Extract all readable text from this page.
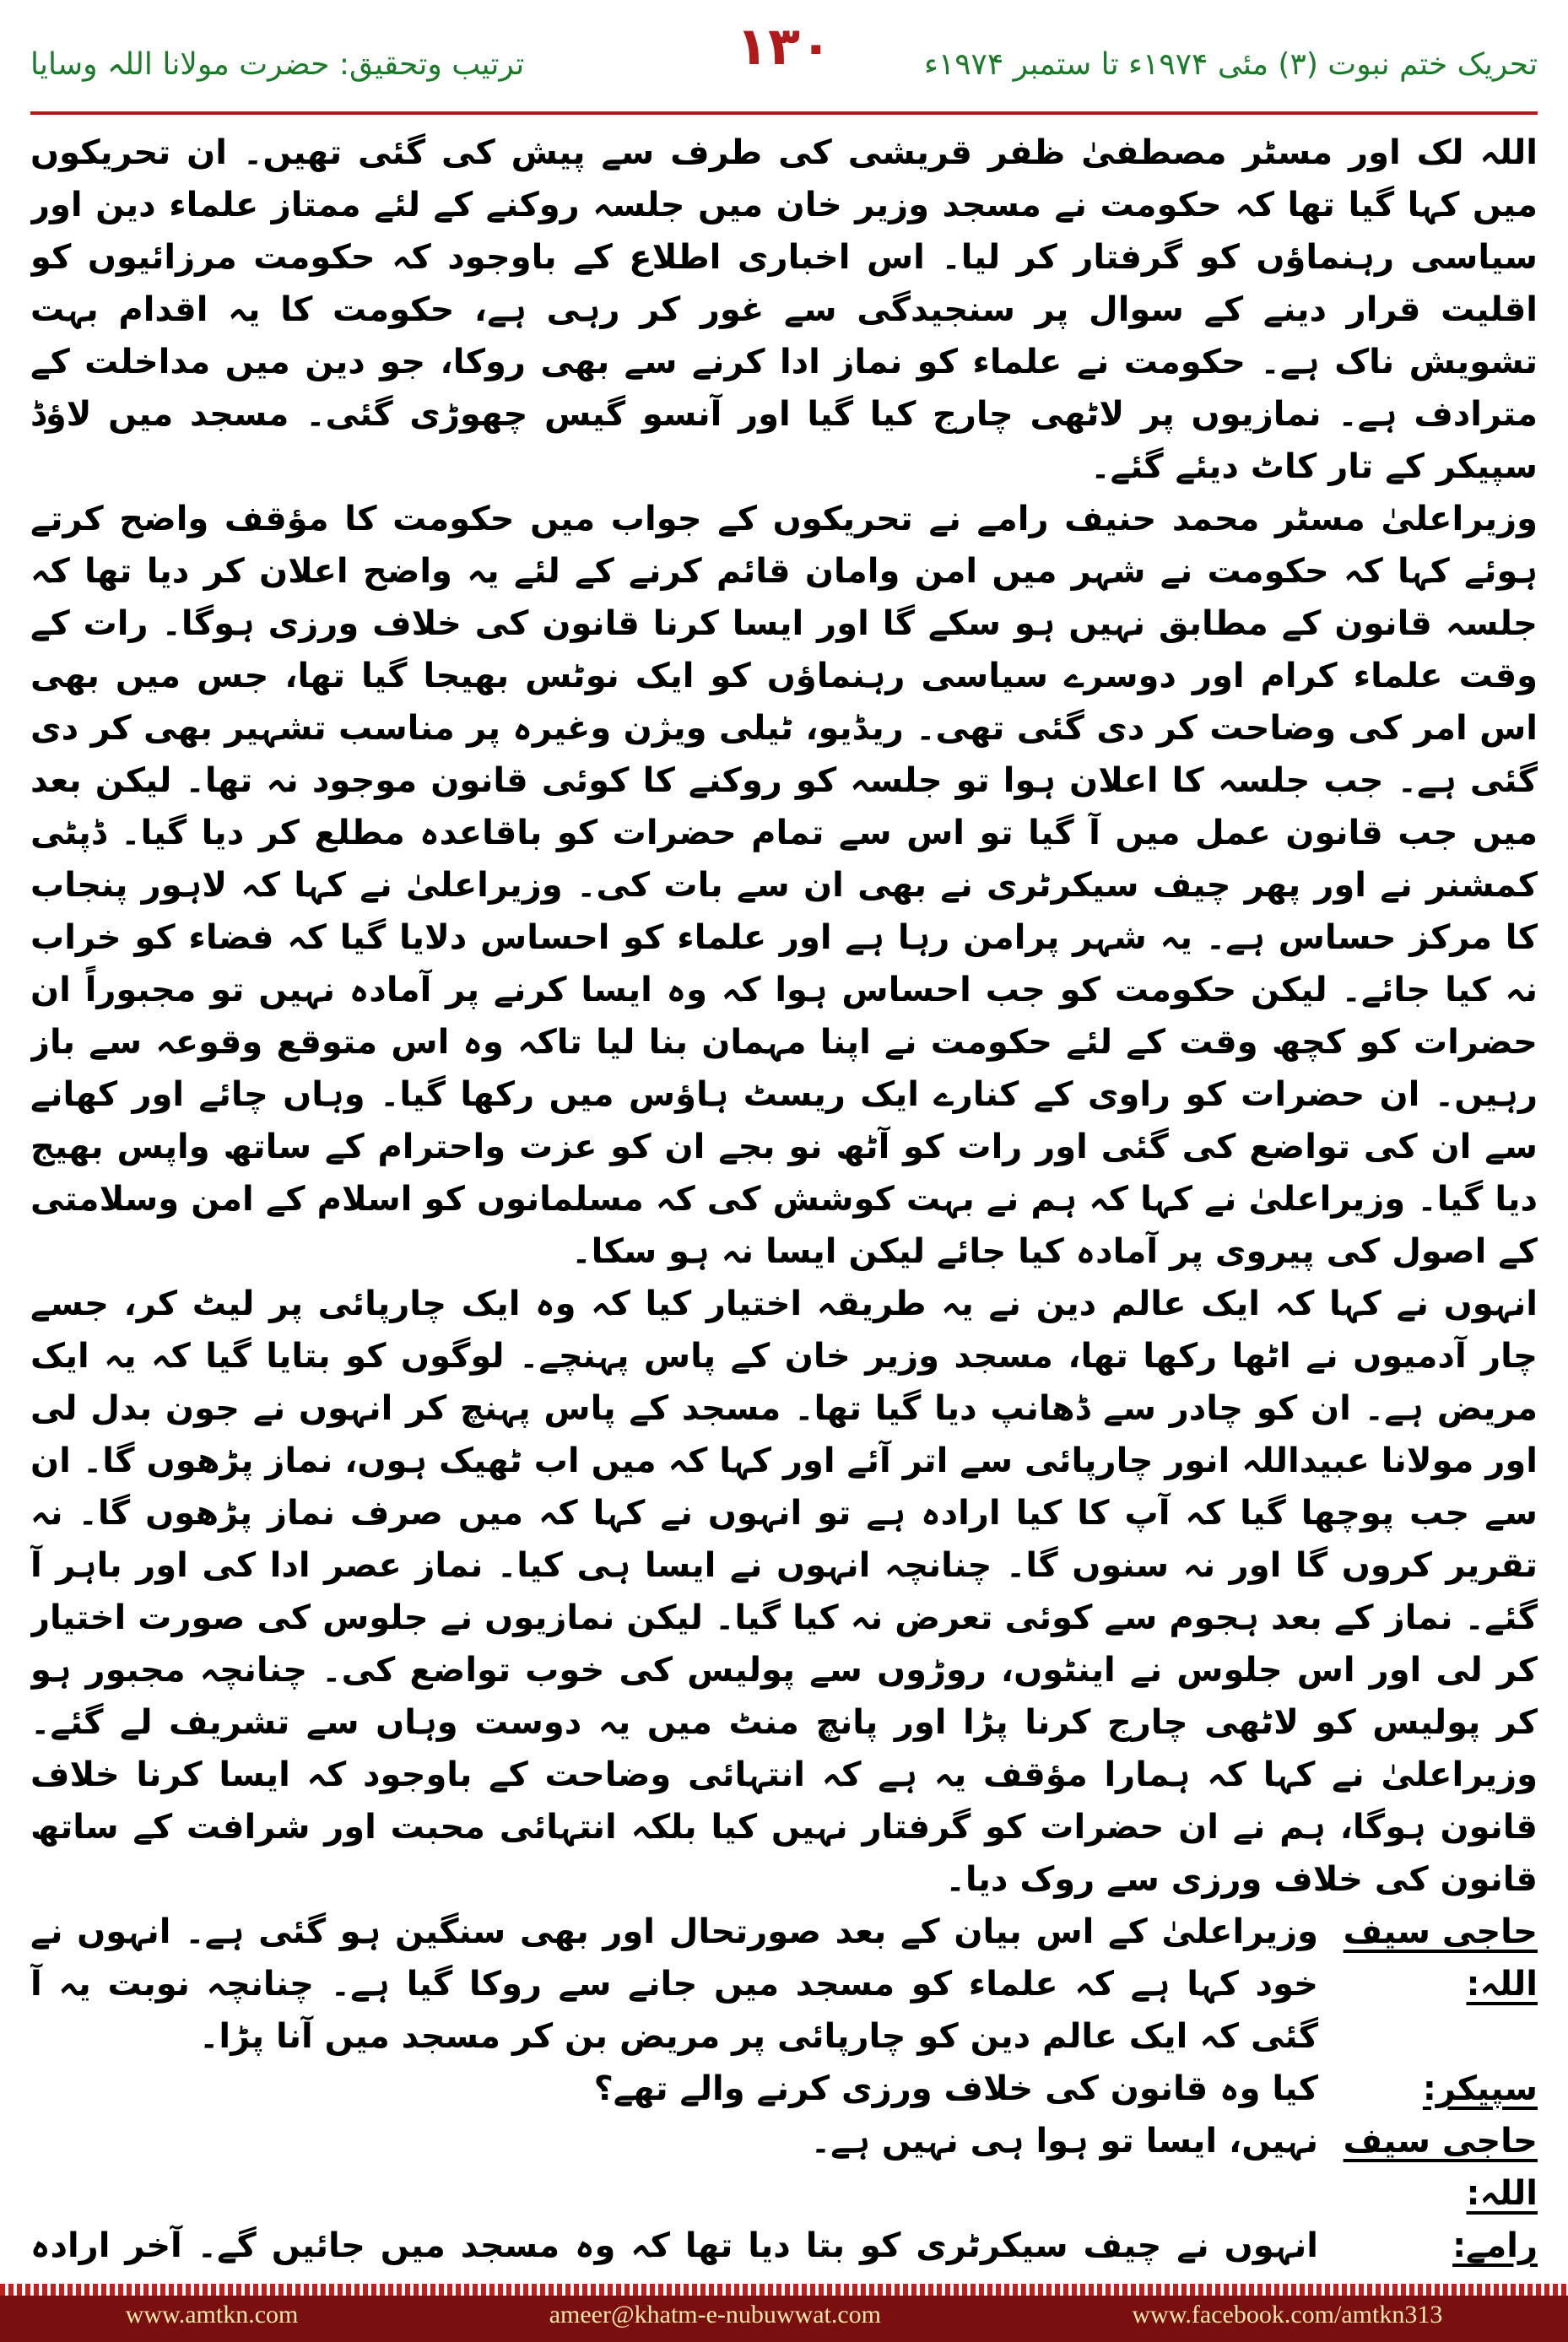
ترتیب وتحقیق: حضرت مولانا اللہ وسایا	۱۳۰	تحریک ختم نبوت (۳) مئی ۱۹۷۴ء تا ستمبر ۱۹۷۴ء

اللہ لک اور مسٹر مصطفیٰ ظفر قریشی کی طرف سے پیش کی گئی تھیں۔ ان تحریکوں میں کہا گیا تھا کہ حکومت نے مسجد وزیر خان میں جلسہ روکنے کے لئے ممتاز علماء دین اور سیاسی رہنماؤں کو گرفتار کر لیا۔ اس اخباری اطلاع کے باوجود کہ حکومت مرزائیوں کو اقلیت قرار دینے کے سوال پر سنجیدگی سے غور کر رہی ہے، حکومت کا یہ اقدام بہت تشویش ناک ہے۔ حکومت نے علماء کو نماز ادا کرنے سے بھی روکا، جو دین میں مداخلت کے مترادف ہے۔ نمازیوں پر لاٹھی چارج کیا گیا اور آنسو گیس چھوڑی گئی۔ مسجد میں لاؤڈ سپیکر کے تار کاٹ دیئے گئے۔

وزیراعلیٰ مسٹر محمد حنیف رامے نے تحریکوں کے جواب میں حکومت کا مؤقف واضح کرتے ہوئے کہا کہ حکومت نے شہر میں امن وامان قائم کرنے کے لئے یہ واضح اعلان کر دیا تھا کہ جلسہ قانون کے مطابق نہیں ہو سکے گا اور ایسا کرنا قانون کی خلاف ورزی ہوگا۔ رات کے وقت علماء کرام اور دوسرے سیاسی رہنماؤں کو ایک نوٹس بھیجا گیا تھا، جس میں بھی اس امر کی وضاحت کر دی گئی تھی۔ ریڈیو، ٹیلی ویژن وغیرہ پر مناسب تشہیر بھی کر دی گئی ہے۔ جب جلسہ کا اعلان ہوا تو جلسہ کو روکنے کا کوئی قانون موجود نہ تھا۔ لیکن بعد میں جب قانون عمل میں آ گیا تو اس سے تمام حضرات کو باقاعدہ مطلع کر دیا گیا۔ ڈپٹی کمشنر نے اور پھر چیف سیکرٹری نے بھی ان سے بات کی۔ وزیراعلیٰ نے کہا کہ لاہور پنجاب کا مرکز حساس ہے۔ یہ شہر پرامن رہا ہے اور علماء کو احساس دلایا گیا کہ فضاء کو خراب نہ کیا جائے۔ لیکن حکومت کو جب احساس ہوا کہ وہ ایسا کرنے پر آمادہ نہیں تو مجبوراً ان حضرات کو کچھ وقت کے لئے حکومت نے اپنا مہمان بنا لیا تاکہ وہ اس متوقع وقوعہ سے باز رہیں۔ ان حضرات کو راوی کے کنارے ایک ریسٹ ہاؤس میں رکھا گیا۔ وہاں چائے اور کھانے سے ان کی تواضع کی گئی اور رات کو آٹھ نو بجے ان کو عزت واحترام کے ساتھ واپس بھیج دیا گیا۔ وزیراعلیٰ نے کہا کہ ہم نے بہت کوشش کی کہ مسلمانوں کو اسلام کے امن وسلامتی کے اصول کی پیروی پر آمادہ کیا جائے لیکن ایسا نہ ہو سکا۔

انہوں نے کہا کہ ایک عالم دین نے یہ طریقہ اختیار کیا کہ وہ ایک چارپائی پر لیٹ کر، جسے چار آدمیوں نے اٹھا رکھا تھا، مسجد وزیر خان کے پاس پہنچے۔ لوگوں کو بتایا گیا کہ یہ ایک مریض ہے۔ ان کو چادر سے ڈھانپ دیا گیا تھا۔ مسجد کے پاس پہنچ کر انہوں نے جون بدل لی اور مولانا عبیداللہ انور چارپائی سے اتر آئے اور کہا کہ میں اب ٹھیک ہوں، نماز پڑھوں گا۔ ان سے جب پوچھا گیا کہ آپ کا کیا ارادہ ہے تو انہوں نے کہا کہ میں صرف نماز پڑھوں گا۔ نہ تقریر کروں گا اور نہ سنوں گا۔ چنانچہ انہوں نے ایسا ہی کیا۔ نماز عصر ادا کی اور باہر آ گئے۔ نماز کے بعد ہجوم سے کوئی تعرض نہ کیا گیا۔ لیکن نمازیوں نے جلوس کی صورت اختیار کر لی اور اس جلوس نے اینٹوں، روڑوں سے پولیس کی خوب تواضع کی۔ چنانچہ مجبور ہو کر پولیس کو لاٹھی چارج کرنا پڑا اور پانچ منٹ میں یہ دوست وہاں سے تشریف لے گئے۔ وزیراعلیٰ نے کہا کہ ہمارا مؤقف یہ ہے کہ انتہائی وضاحت کے باوجود کہ ایسا کرنا خلاف قانون ہوگا، ہم نے ان حضرات کو گرفتار نہیں کیا بلکہ انتہائی محبت اور شرافت کے ساتھ قانون کی خلاف ورزی سے روک دیا۔

حاجی سیف اللہ:
وزیراعلیٰ کے اس بیان کے بعد صورتحال اور بھی سنگین ہو گئی ہے۔ انہوں نے خود کہا ہے کہ علماء کو مسجد میں جانے سے روکا گیا ہے۔ چنانچہ نوبت یہ آ گئی کہ ایک عالم دین کو چارپائی پر مریض بن کر مسجد میں آنا پڑا۔
سپیکر:
کیا وہ قانون کی خلاف ورزی کرنے والے تھے؟
حاجی سیف اللہ:
نہیں، ایسا تو ہوا ہی نہیں ہے۔
رامے:
انہوں نے چیف سیکرٹری کو بتا دیا تھا کہ وہ مسجد میں جائیں گے۔ آخر ارادہ
www.amtkn.com	ameer@khatm-e-nubuwwat.com	www.facebook.com/amtkn313
